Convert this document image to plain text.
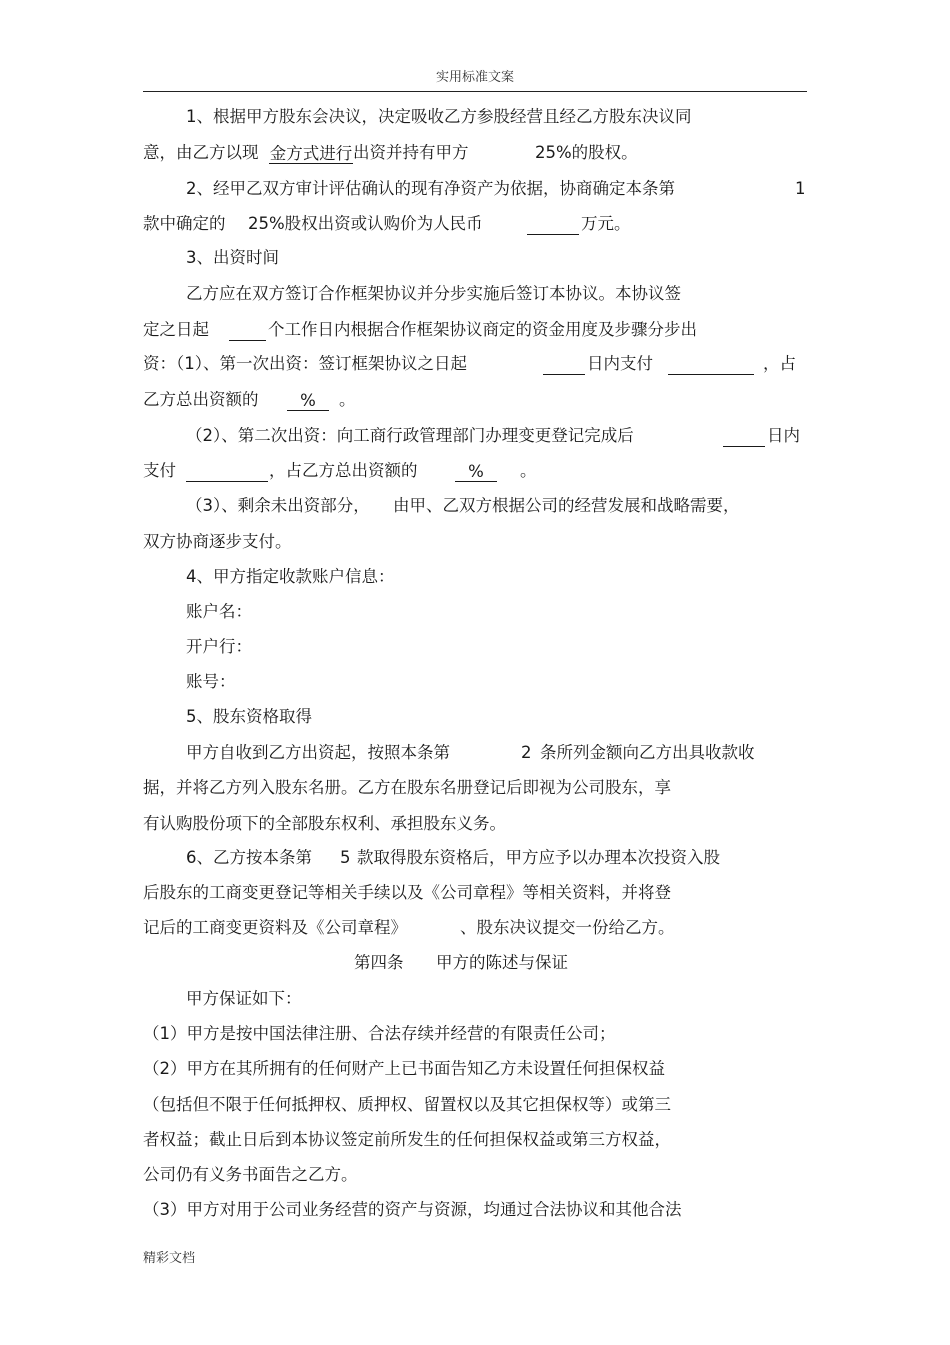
实用标准文案
1、根据甲方股东会决议，决定吸收乙方参股经营且经乙方股东决议同
意，由乙方以现 金方式进行 出资并持有甲方	25%的股权。
2、经甲乙双方审计评估确认的现有净资产为依据，协商确定本条第	1
款中确定的 25%股权出资或认购价为人民币	万元。
3、出资时间
乙方应在双方签订合作框架协议并分步实施后签订本协议。本协议签
定之日起	个工作日内根据合作框架协议商定的资金用度及步骤分步出
资：（1）、第一次出资：签订框架协议之日起	日内支付	，占
乙方总出资额的	%	。
（2）、第二次出资：向工商行政管理部门办理变更登记完成后	日内
支付	，占乙方总出资额的	%	。
（3）、剩余未出资部分， 由甲、乙双方根据公司的经营发展和战略需要，
双方协商逐步支付。
4、甲方指定收款账户信息：
账户名：
开户行：
账号：
5、股东资格取得
甲方自收到乙方出资起，按照本条第	2 条所列金额向乙方出具收款收
据，并将乙方列入股东名册。乙方在股东名册登记后即视为公司股东，享
有认购股份项下的全部股东权利、承担股东义务。
6、乙方按本条第 5 款取得股东资格后，甲方应予以办理本次投资入股
后股东的工商变更登记等相关手续以及《公司章程》等相关资料，并将登
记后的工商变更资料及《公司章程》	、股东决议提交一份给乙方。
第四条 甲方的陈述与保证
甲方保证如下：
（1）甲方是按中国法律注册、合法存续并经营的有限责任公司；
（2）甲方在其所拥有的任何财产上已书面告知乙方未设置任何担保权益
（包括但不限于任何抵押权、质押权、留置权以及其它担保权等）或第三
者权益；截止日后到本协议签定前所发生的任何担保权益或第三方权益，
公司仍有义务书面告之乙方。
（3）甲方对用于公司业务经营的资产与资源，均通过合法协议和其他合法
精彩文档
